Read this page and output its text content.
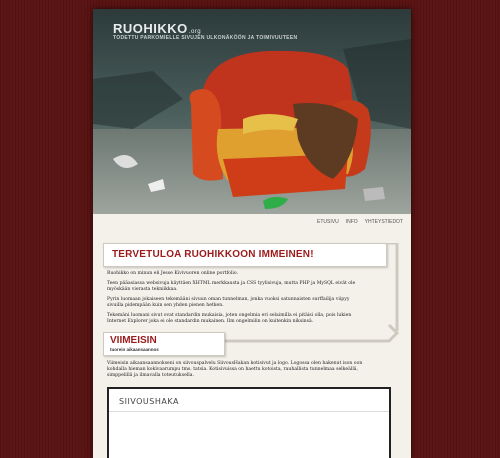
RUOHIKKO.org
TODETTU PARKOMIELLE SIVUJEN ULKONÄKÖÖN JA TOIMIVUUTEEN
ETUSIVU INFO YHTEYSTIEDOT
TERVETULOA RUOHIKKOON IMMEINEN!

Ruohikko on minun eli Jesse Kivivuoren online portfolio.

Teen pääasiassa websivuja käyttäen XHTML merkkausta ja CSS tyylisivuja, mutta PHP ja MySQL eivät ole myöskään vierasta tekniikkaa.

Pyrin luomaan jokaiseen tekemääni sivuun oman tunnelman, jonka vuoksi satunnaisten surffailija viipyy sivuilla pidempään kuin sen yhden pienen hetken.

Tekemäni luomani sivut ovat standardin mukaisia, joten ongelmia eri selaimilla ei pitäisi olla, pois lukien Internet Explorer joka ei ole standardin mukainen. Ilm ongelmilin on kuitenkin niksinsä.

VIIMEISIN
tuorein aikaansaannos

Viimeisin aikaansaannokseni on siivouspalvelu SiivousHakan kotisivut ja logo. Logossa olen hakenut ison oon kohdalla hieman kokivaarumpu tms. tatsia. Kotisivuissa on haettu kotoista, rauhallista tunnelmaa selkeällä, simppelillä ja ilmavalla toteutuksella.

SIIVOUSHAKA
